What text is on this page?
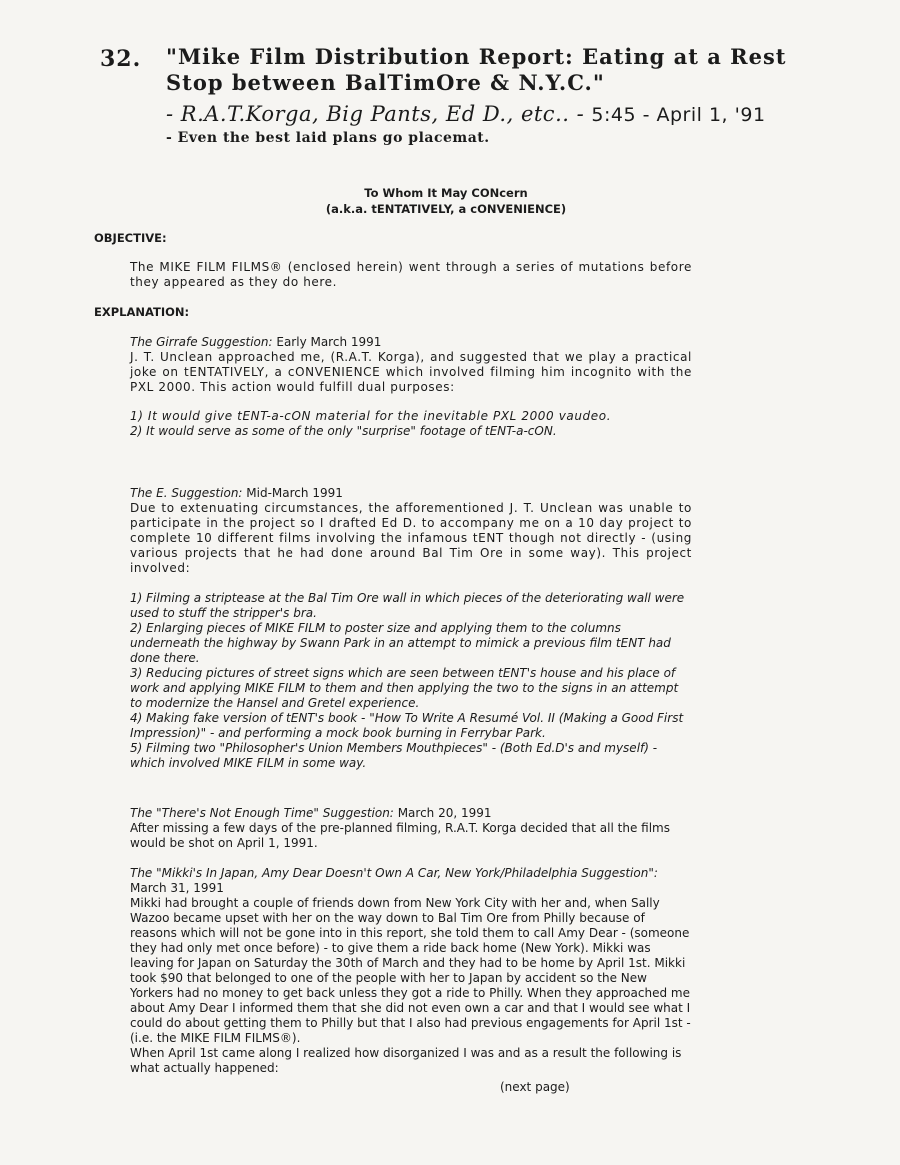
32. "Mike Film Distribution Report: Eating at a Rest Stop between BalTimOre & N.Y.C."
- R.A.T.Korga, Big Pants, Ed D., etc.. - 5:45 - April 1, '91
- Even the best laid plans go placemat.
To Whom It May CONcern
(a.k.a. tENTATIVELY, a cONVENIENCE)
OBJECTIVE:

The MIKE FILM FILMS® (enclosed herein) went through a series of mutations before they appeared as they do here.

EXPLANATION:

The Girrafe Suggestion: Early March 1991

J. T. Unclean approached me, (R.A.T. Korga), and suggested that we play a practical joke on tENTATIVELY, a cONVENIENCE which involved filming him incognito with the PXL 2000. This action would fulfill dual purposes:

1) It would give tENT-a-cON material for the inevitable PXL 2000 vaudeo.

2) It would serve as some of the only "surprise" footage of tENT-a-cON.

The E. Suggestion: Mid-March 1991

Due to extenuating circumstances, the afforementioned J. T. Unclean was unable to participate in the project so I drafted Ed D. to accompany me on a 10 day project to complete 10 different films involving the infamous tENT though not directly - (using various projects that he had done around Bal Tim Ore in some way). This project involved:

1) Filming a striptease at the Bal Tim Ore wall in which pieces of the deteriorating wall were used to stuff the stripper's bra.

2) Enlarging pieces of MIKE FILM to poster size and applying them to the columns underneath the highway by Swann Park in an attempt to mimick a previous film tENT had done there.

3) Reducing pictures of street signs which are seen between tENT's house and his place of work and applying MIKE FILM to them and then applying the two to the signs in an attempt to modernize the Hansel and Gretel experience.

4) Making fake version of tENT's book - "How To Write A Resumé Vol. II (Making a Good First Impression)" - and performing a mock book burning in Ferrybar Park.

5) Filming two "Philosopher's Union Members Mouthpieces" - (Both Ed.D's and myself) - which involved MIKE FILM in some way.

The "There's Not Enough Time" Suggestion: March 20, 1991

After missing a few days of the pre-planned filming, R.A.T. Korga decided that all the films would be shot on April 1, 1991.

The "Mikki's In Japan, Amy Dear Doesn't Own A Car, New York/Philadelphia Suggestion":

March 31, 1991

Mikki had brought a couple of friends down from New York City with her and, when Sally Wazoo became upset with her on the way down to Bal Tim Ore from Philly because of reasons which will not be gone into in this report, she told them to call Amy Dear - (someone they had only met once before) - to give them a ride back home (New York). Mikki was leaving for Japan on Saturday the 30th of March and they had to be home by April 1st. Mikki took $90 that belonged to one of the people with her to Japan by accident so the New Yorkers had no money to get back unless they got a ride to Philly. When they approached me about Amy Dear I informed them that she did not even own a car and that I would see what I could do about getting them to Philly but that I also had previous engagements for April 1st - (i.e. the MIKE FILM FILMS®).

When April 1st came along I realized how disorganized I was and as a result the following is what actually happened:

(next page)
